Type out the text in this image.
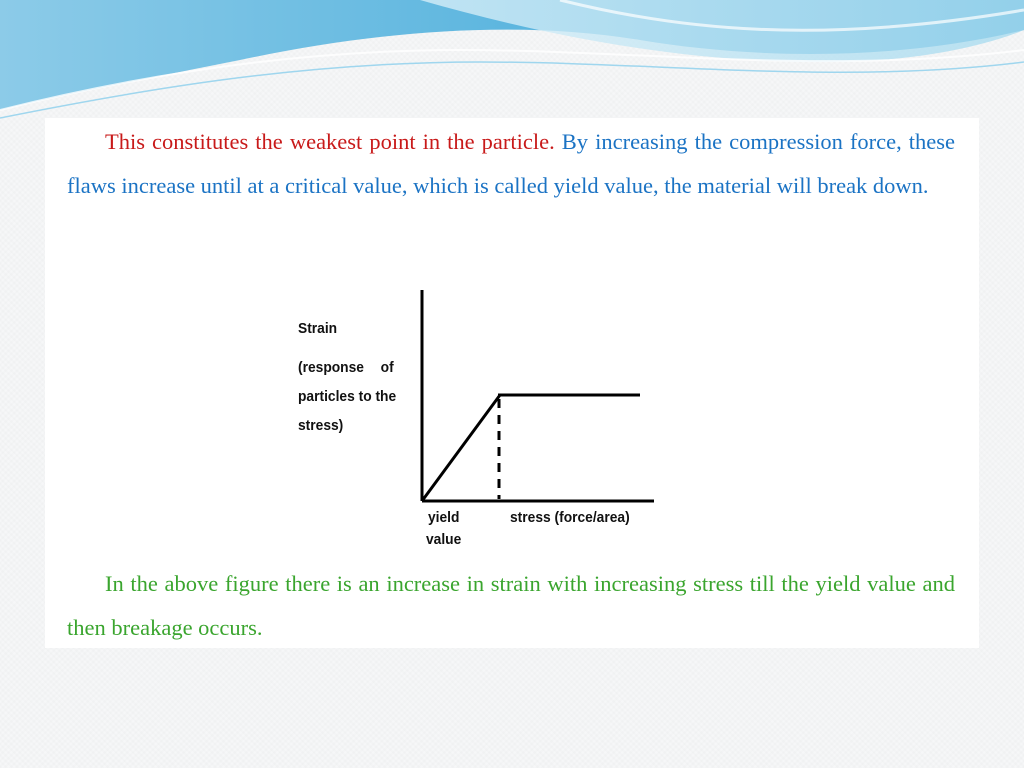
This constitutes the weakest point in the particle. By increasing the compression force, these flaws increase until at a critical value, which is called yield value, the material will break down.

Strain
(response of
particles to the
stress)
yield
value
stress (force/area)

In the above figure there is an increase in strain with increasing stress till the yield value and then breakage occurs.
